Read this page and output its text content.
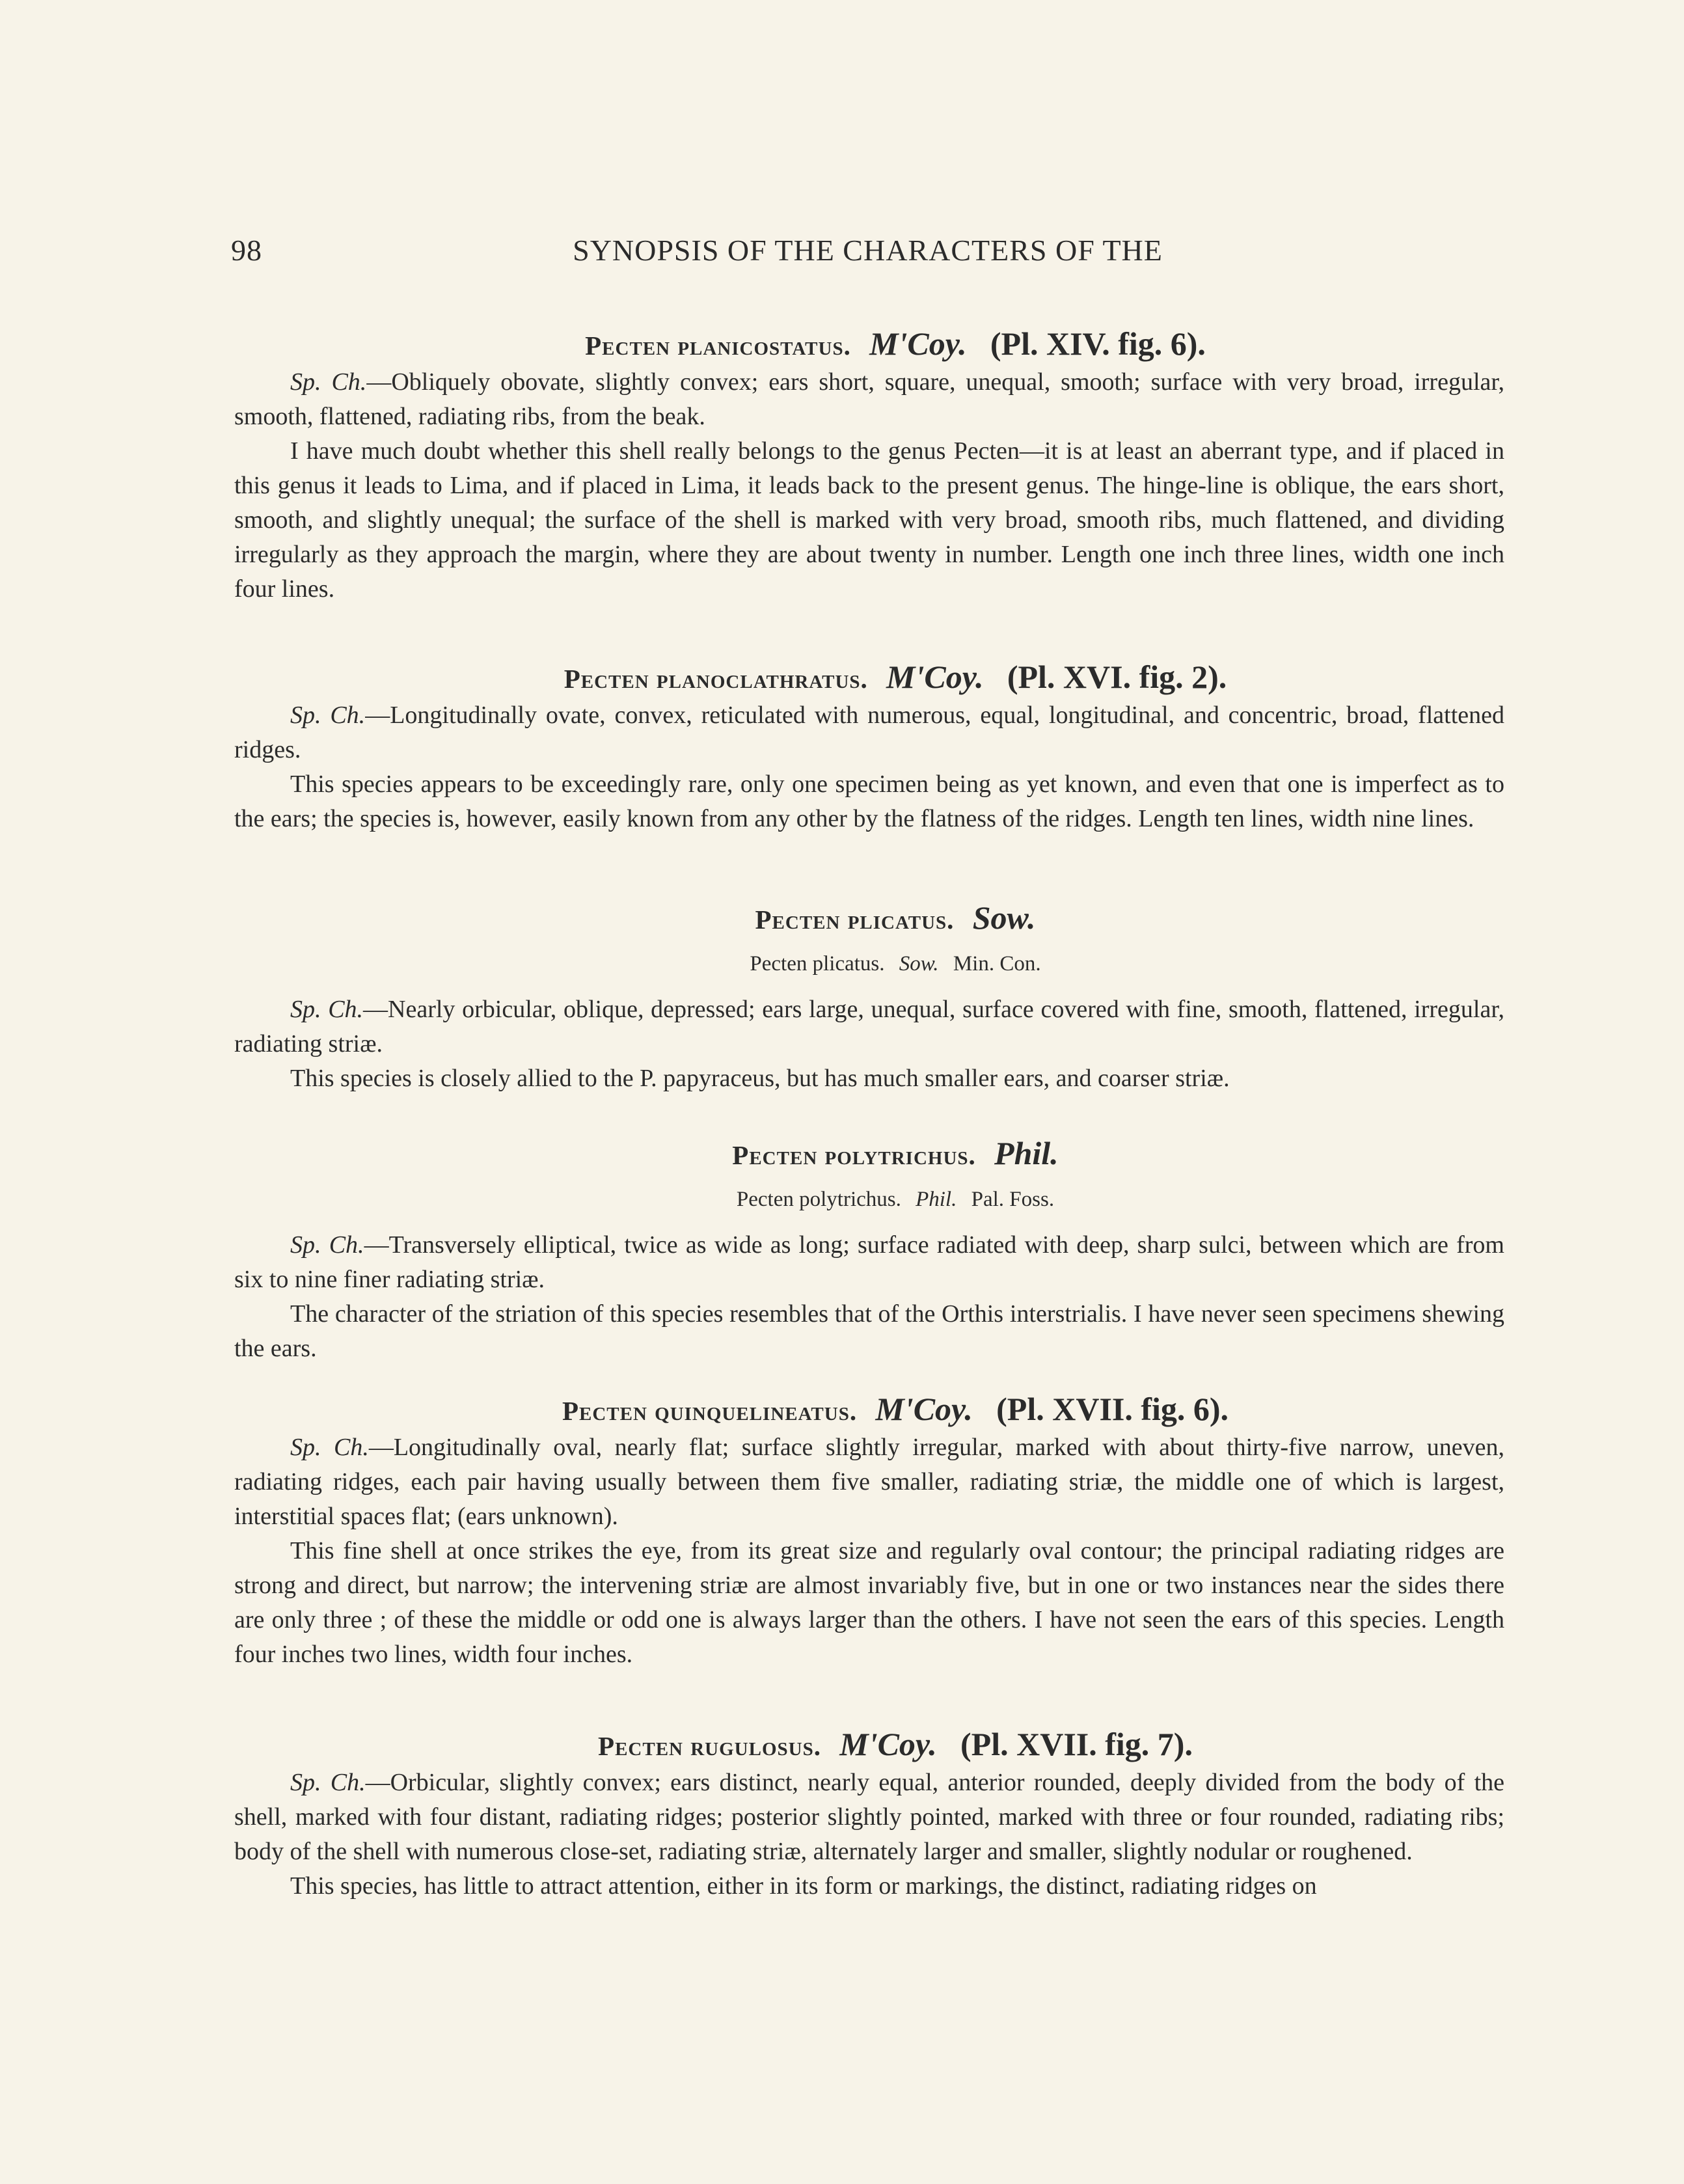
98	SYNOPSIS OF THE CHARACTERS OF THE
Pecten planicostatus. M'Coy. (Pl. XIV. fig. 6).

Sp. Ch.—Obliquely obovate, slightly convex; ears short, square, unequal, smooth; surface with very broad, irregular, smooth, flattened, radiating ribs, from the beak.

I have much doubt whether this shell really belongs to the genus Pecten—it is at least an aberrant type, and if placed in this genus it leads to Lima, and if placed in Lima, it leads back to the present genus. The hinge-line is oblique, the ears short, smooth, and slightly unequal; the surface of the shell is marked with very broad, smooth ribs, much flattened, and dividing irregularly as they approach the margin, where they are about twenty in number. Length one inch three lines, width one inch four lines.

Pecten planoclathratus. M'Coy. (Pl. XVI. fig. 2).

Sp. Ch.—Longitudinally ovate, convex, reticulated with numerous, equal, longitudinal, and concentric, broad, flattened ridges.

This species appears to be exceedingly rare, only one specimen being as yet known, and even that one is imperfect as to the ears; the species is, however, easily known from any other by the flatness of the ridges. Length ten lines, width nine lines.

Pecten plicatus. Sow.
Pecten plicatus. Sow. Min. Con.

Sp. Ch.—Nearly orbicular, oblique, depressed; ears large, unequal, surface covered with fine, smooth, flattened, irregular, radiating striæ.

This species is closely allied to the P. papyraceus, but has much smaller ears, and coarser striæ.

Pecten polytrichus. Phil.
Pecten polytrichus. Phil. Pal. Foss.

Sp. Ch.—Transversely elliptical, twice as wide as long; surface radiated with deep, sharp sulci, between which are from six to nine finer radiating striæ.

The character of the striation of this species resembles that of the Orthis interstrialis. I have never seen specimens shewing the ears.

Pecten quinquelineatus. M'Coy. (Pl. XVII. fig. 6).

Sp. Ch.—Longitudinally oval, nearly flat; surface slightly irregular, marked with about thirty-five narrow, uneven, radiating ridges, each pair having usually between them five smaller, radiating striæ, the middle one of which is largest, interstitial spaces flat; (ears unknown).

This fine shell at once strikes the eye, from its great size and regularly oval contour; the principal radiating ridges are strong and direct, but narrow; the intervening striæ are almost invariably five, but in one or two instances near the sides there are only three ; of these the middle or odd one is always larger than the others. I have not seen the ears of this species. Length four inches two lines, width four inches.

Pecten rugulosus. M'Coy. (Pl. XVII. fig. 7).

Sp. Ch.—Orbicular, slightly convex; ears distinct, nearly equal, anterior rounded, deeply divided from the body of the shell, marked with four distant, radiating ridges; posterior slightly pointed, marked with three or four rounded, radiating ribs; body of the shell with numerous close-set, radiating striæ, alternately larger and smaller, slightly nodular or roughened.

This species, has little to attract attention, either in its form or markings, the distinct, radiating ridges on
